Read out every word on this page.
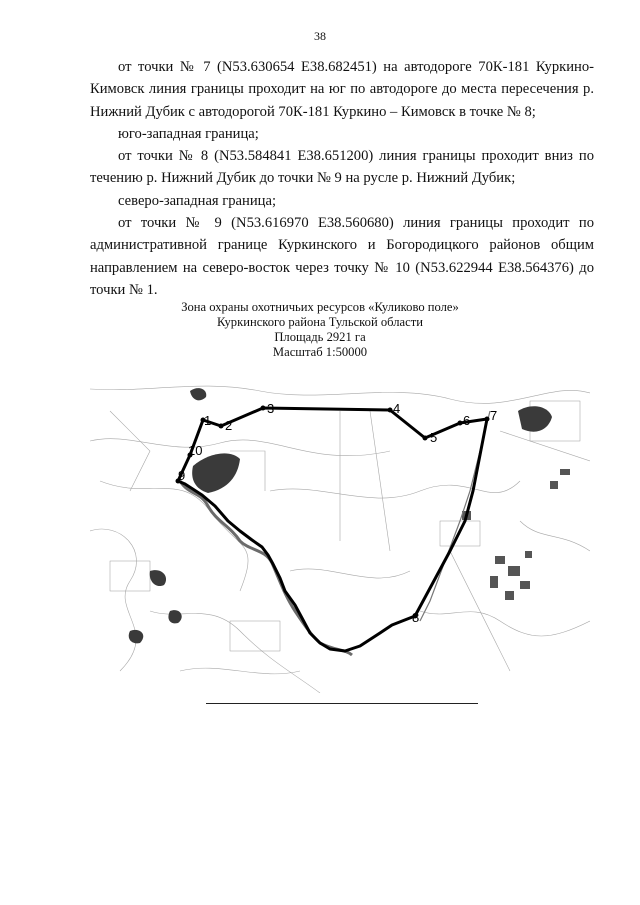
38

от точки № 7 (N53.630654 E38.682451) на автодороге 70К-181 Куркино-Кимовск линия границы проходит на юг по автодороге до места пересечения р. Нижний Дубик с автодорогой 70К-181 Куркино – Кимовск в точке № 8;

юго-западная граница;

от точки № 8 (N53.584841 E38.651200) линия границы проходит вниз по течению р. Нижний Дубик до точки № 9 на русле р. Нижний Дубик;

северо-западная граница;

от точки № 9 (N53.616970 E38.560680) линия границы проходит по административной границе Куркинского и Богородицкого районов общим направлением на северо-восток через точку № 10 (N53.622944 E38.564376) до точки № 1.

Зона охраны охотничьих ресурсов «Куликово поле»
Куркинского района Тульской области
Площадь 2921 га
Масштаб 1:50000
1 2
3	4
5
6 7
8
9
10
